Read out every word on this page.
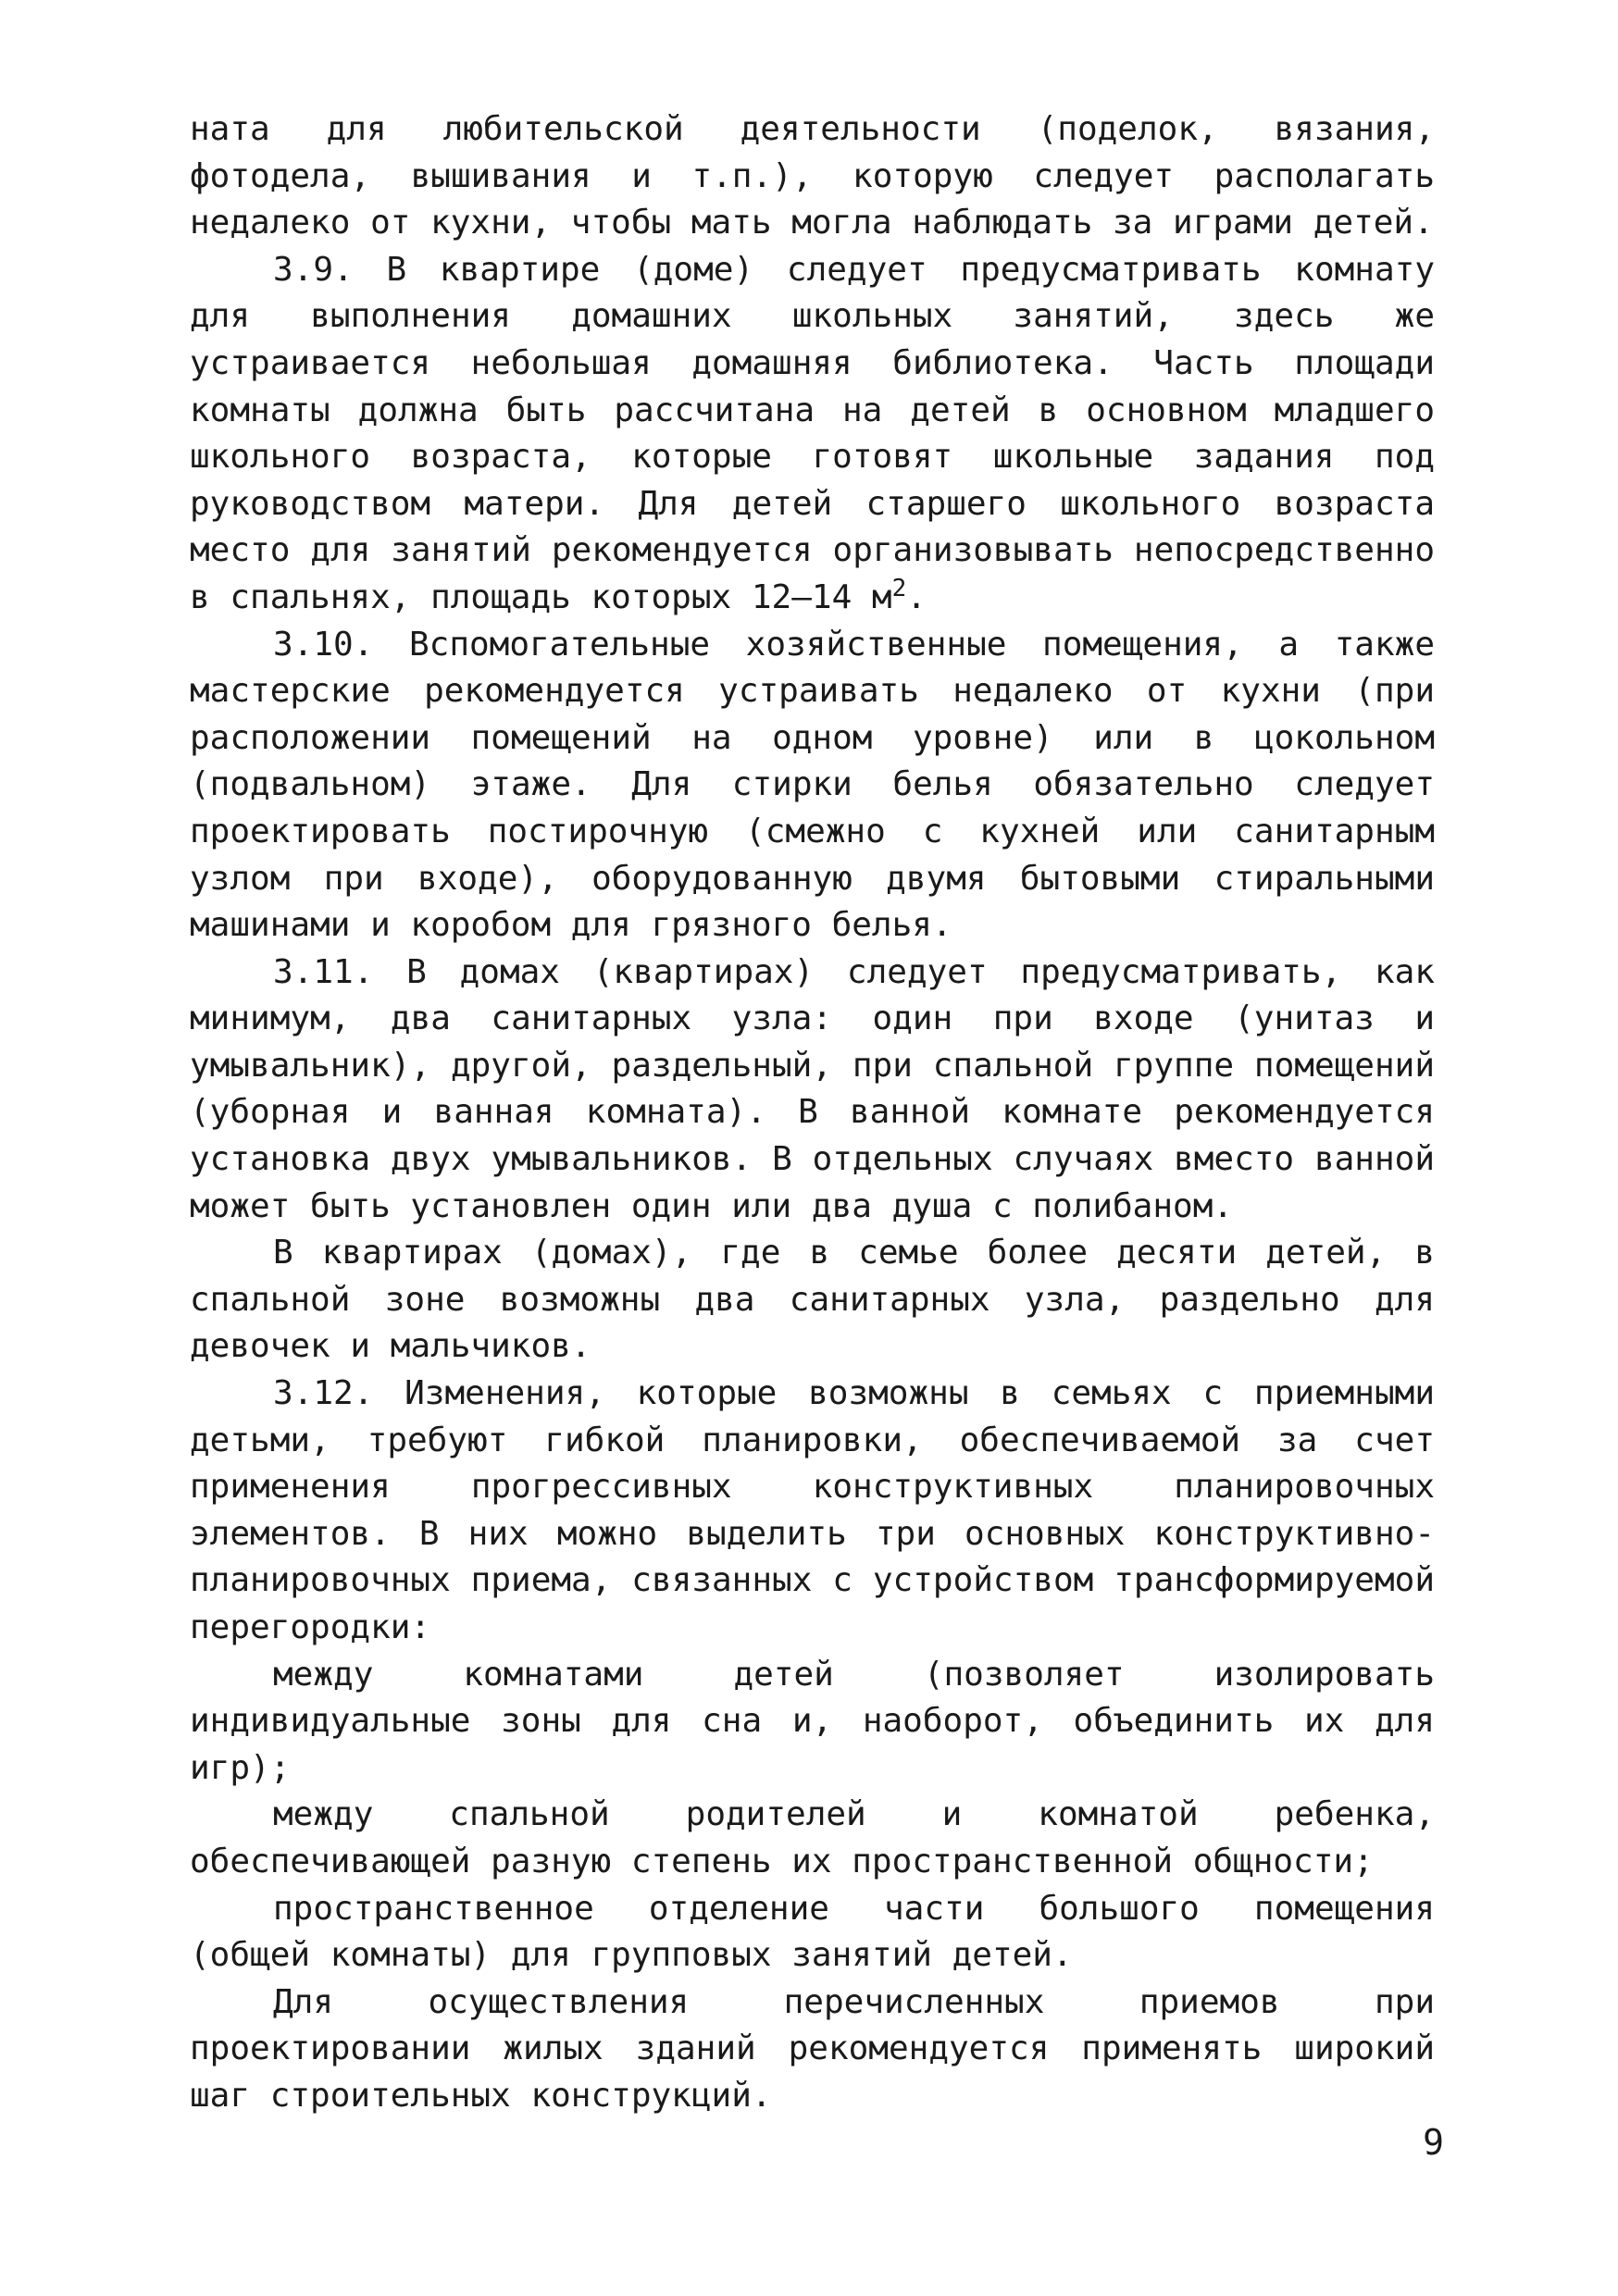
ната для любительской деятельности (поделок, вязания, фотодела, вышивания и т.п.), которую следует располагать недалеко от кухни, чтобы мать могла наблюдать за играми детей.

3.9. В квартире (доме) следует предусматривать комнату для выполнения домашних школьных занятий, здесь же устраивается небольшая домашняя библиотека. Часть площади комнаты должна быть рассчитана на детей в основном младшего школьного возраста, которые готовят школьные задания под руководством матери. Для детей старшего школьного возраста место для занятий рекомендуется организовывать непосредственно в спальнях, площадь которых 12–14 $м^2$.

3.10. Вспомогательные хозяйственные помещения, а также мастерские рекомендуется устраивать недалеко от кухни (при расположении помещений на одном уровне) или в цокольном (подвальном) этаже. Для стирки белья обязательно следует проектировать постирочную (смежно с кухней или санитарным узлом при входе), оборудованную двумя бытовыми стиральными машинами и коробом для грязного белья.

3.11. В домах (квартирах) следует предусматривать, как минимум, два санитарных узла: один при входе (унитаз и умывальник), другой, раздельный, при спальной группе помещений (уборная и ванная комната). В ванной комнате рекомендуется установка двух умывальников. В отдельных случаях вместо ванной может быть установлен один или два душа с полибаном.

В квартирах (домах), где в семье более десяти детей, в спальной зоне возможны два санитарных узла, раздельно для девочек и мальчиков.

3.12. Изменения, которые возможны в семьях с приемными детьми, требуют гибкой планировки, обеспечиваемой за счет применения прогрессивных конструктивных планировочных элементов. В них можно выделить три основных конструктивно-планировочных приема, связанных с устройством трансформируемой перегородки:

между комнатами детей (позволяет изолировать индивидуальные зоны для сна и, наоборот, объединить их для игр);

между спальной родителей и комнатой ребенка, обеспечивающей разную степень их пространственной общности;

пространственное отделение части большого помещения (общей комнаты) для групповых занятий детей.

Для осуществления перечисленных приемов при проектировании жилых зданий рекомендуется применять широкий шаг строительных конструкций.

9
